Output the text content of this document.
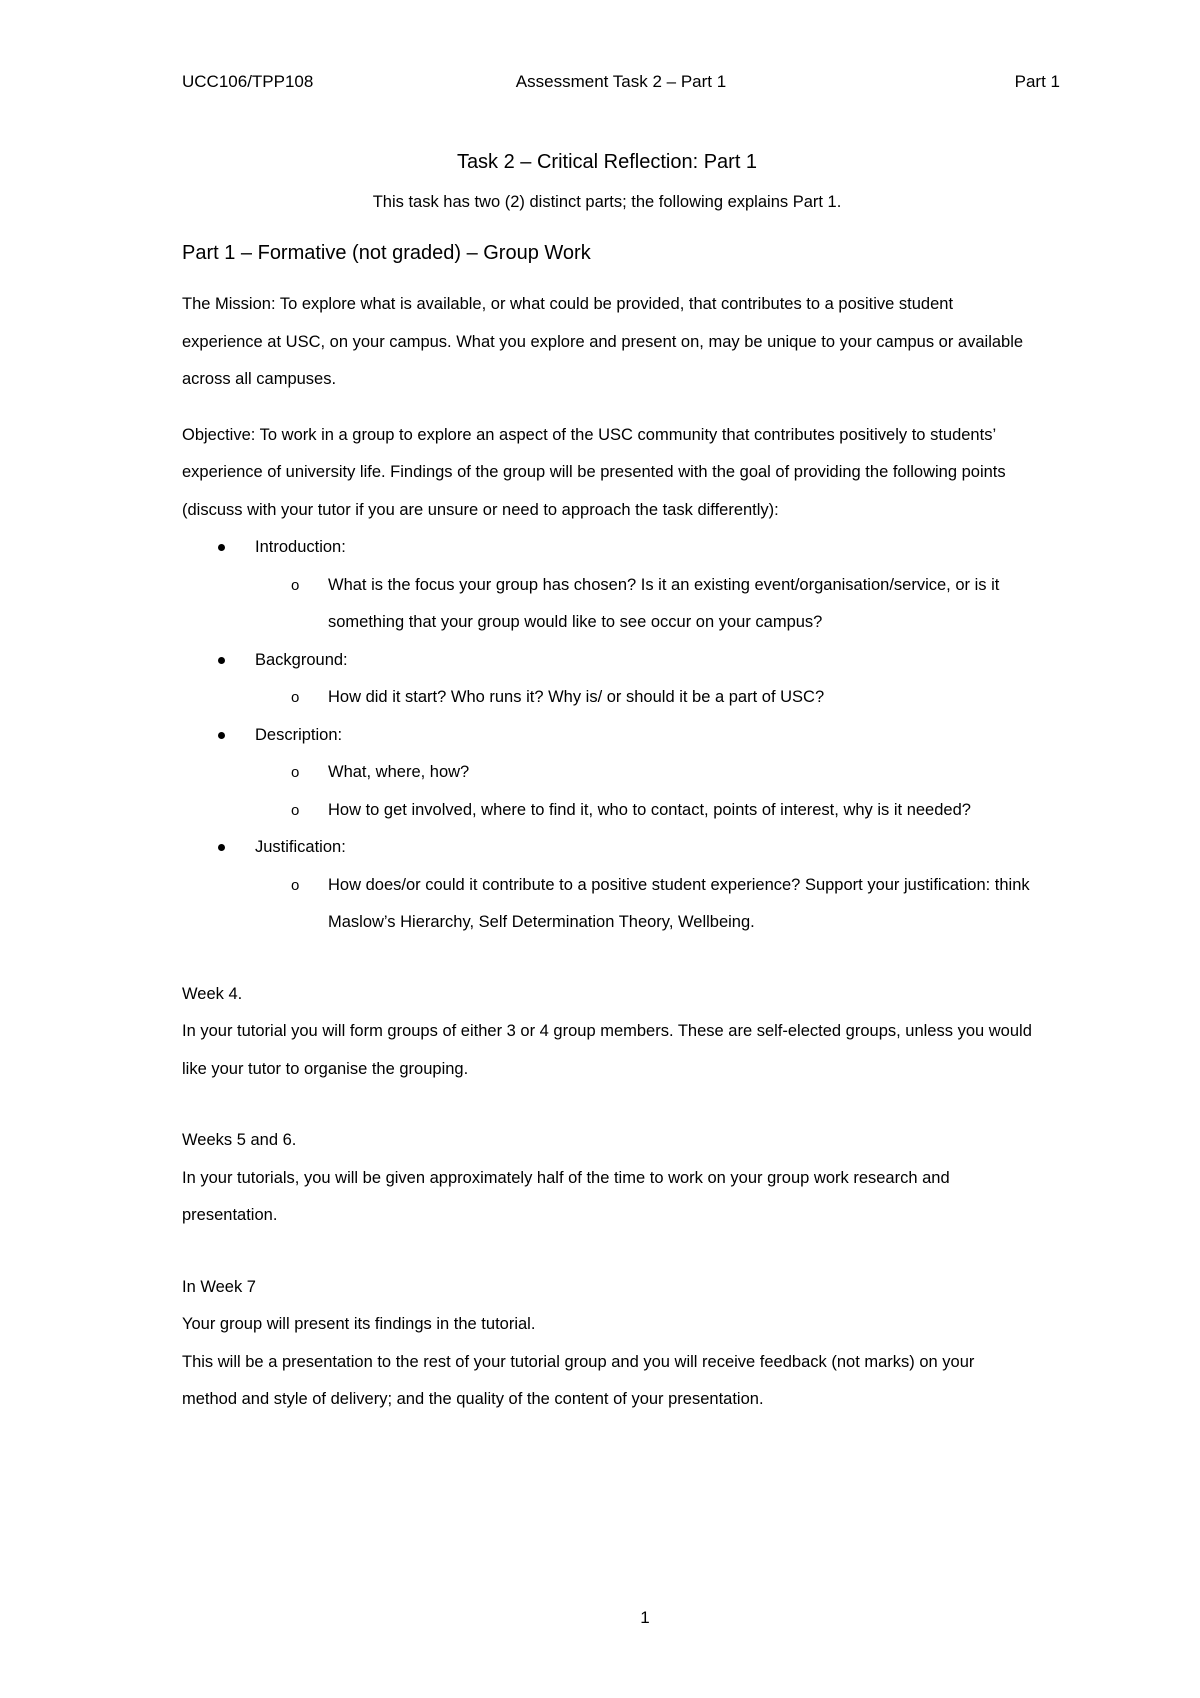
UCC106/TPP108	Assessment Task 2 – Part 1	Part 1
Task 2 – Critical Reflection: Part 1

This task has two (2) distinct parts; the following explains Part 1.

Part 1 – Formative (not graded) – Group Work

The Mission: To explore what is available, or what could be provided, that contributes to a positive student experience at USC, on your campus. What you explore and present on, may be unique to your campus or available across all campuses.

Objective: To work in a group to explore an aspect of the USC community that contributes positively to students’ experience of university life. Findings of the group will be presented with the goal of providing the following points (discuss with your tutor if you are unsure or need to approach the task differently):

Introduction:
o What is the focus your group has chosen? Is it an existing event/organisation/service, or is it something that your group would like to see occur on your campus?
Background:
o How did it start? Who runs it? Why is/ or should it be a part of USC?
Description:
o What, where, how?
o How to get involved, where to find it, who to contact, points of interest, why is it needed?
Justification:
o How does/or could it contribute to a positive student experience? Support your justification: think Maslow’s Hierarchy, Self Determination Theory, Wellbeing.

Week 4.

In your tutorial you will form groups of either 3 or 4 group members. These are self-elected groups, unless you would like your tutor to organise the grouping.

Weeks 5 and 6.

In your tutorials, you will be given approximately half of the time to work on your group work research and presentation.

In Week 7

Your group will present its findings in the tutorial.

This will be a presentation to the rest of your tutorial group and you will receive feedback (not marks) on your method and style of delivery; and the quality of the content of your presentation.

1
